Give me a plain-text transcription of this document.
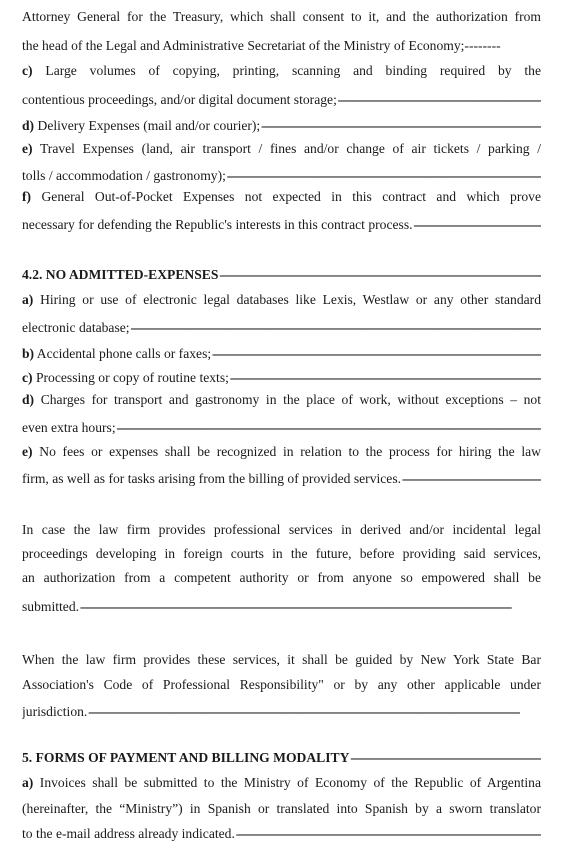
Attorney General for the Treasury, which shall consent to it, and the authorization from
the head of the Legal and Administrative Secretariat of the Ministry of Economy;--------
c) Large volumes of copying, printing, scanning and binding required by the
contentious proceedings, and/or digital document storage; - - -
d) Delivery Expenses (mail and/or courier); - - -
e) Travel Expenses (land, air transport / fines and/or change of air tickets / parking /
tolls / accommodation / gastronomy); - - -
f) General Out-of-Pocket Expenses not expected in this contract and which prove
necessary for defending the Republic's interests in this contract process. - - -
4.2. NO ADMITTED-EXPENSES - - -
a) Hiring or use of electronic legal databases like Lexis, Westlaw or any other standard
electronic database; - - -
b) Accidental phone calls or faxes; - - -
c) Processing or copy of routine texts; - - -
d) Charges for transport and gastronomy in the place of work, without exceptions – not
even extra hours; - - -
e) No fees or expenses shall be recognized in relation to the process for hiring the law
firm, as well as for tasks arising from the billing of provided services. - - -
In case the law firm provides professional services in derived and/or incidental legal
proceedings developing in foreign courts in the future, before providing said services,
an authorization from a competent authority or from anyone so empowered shall be
submitted. - - -
When the law firm provides these services, it shall be guided by New York State Bar
Association's Code of Professional Responsibility" or by any other applicable under
jurisdiction. - - -
5. FORMS OF PAYMENT AND BILLING MODALITY - - -
a) Invoices shall be submitted to the Ministry of Economy of the Republic of Argentina
(hereinafter, the “Ministry”) in Spanish or translated into Spanish by a sworn translator
to the e-mail address already indicated. - - -
